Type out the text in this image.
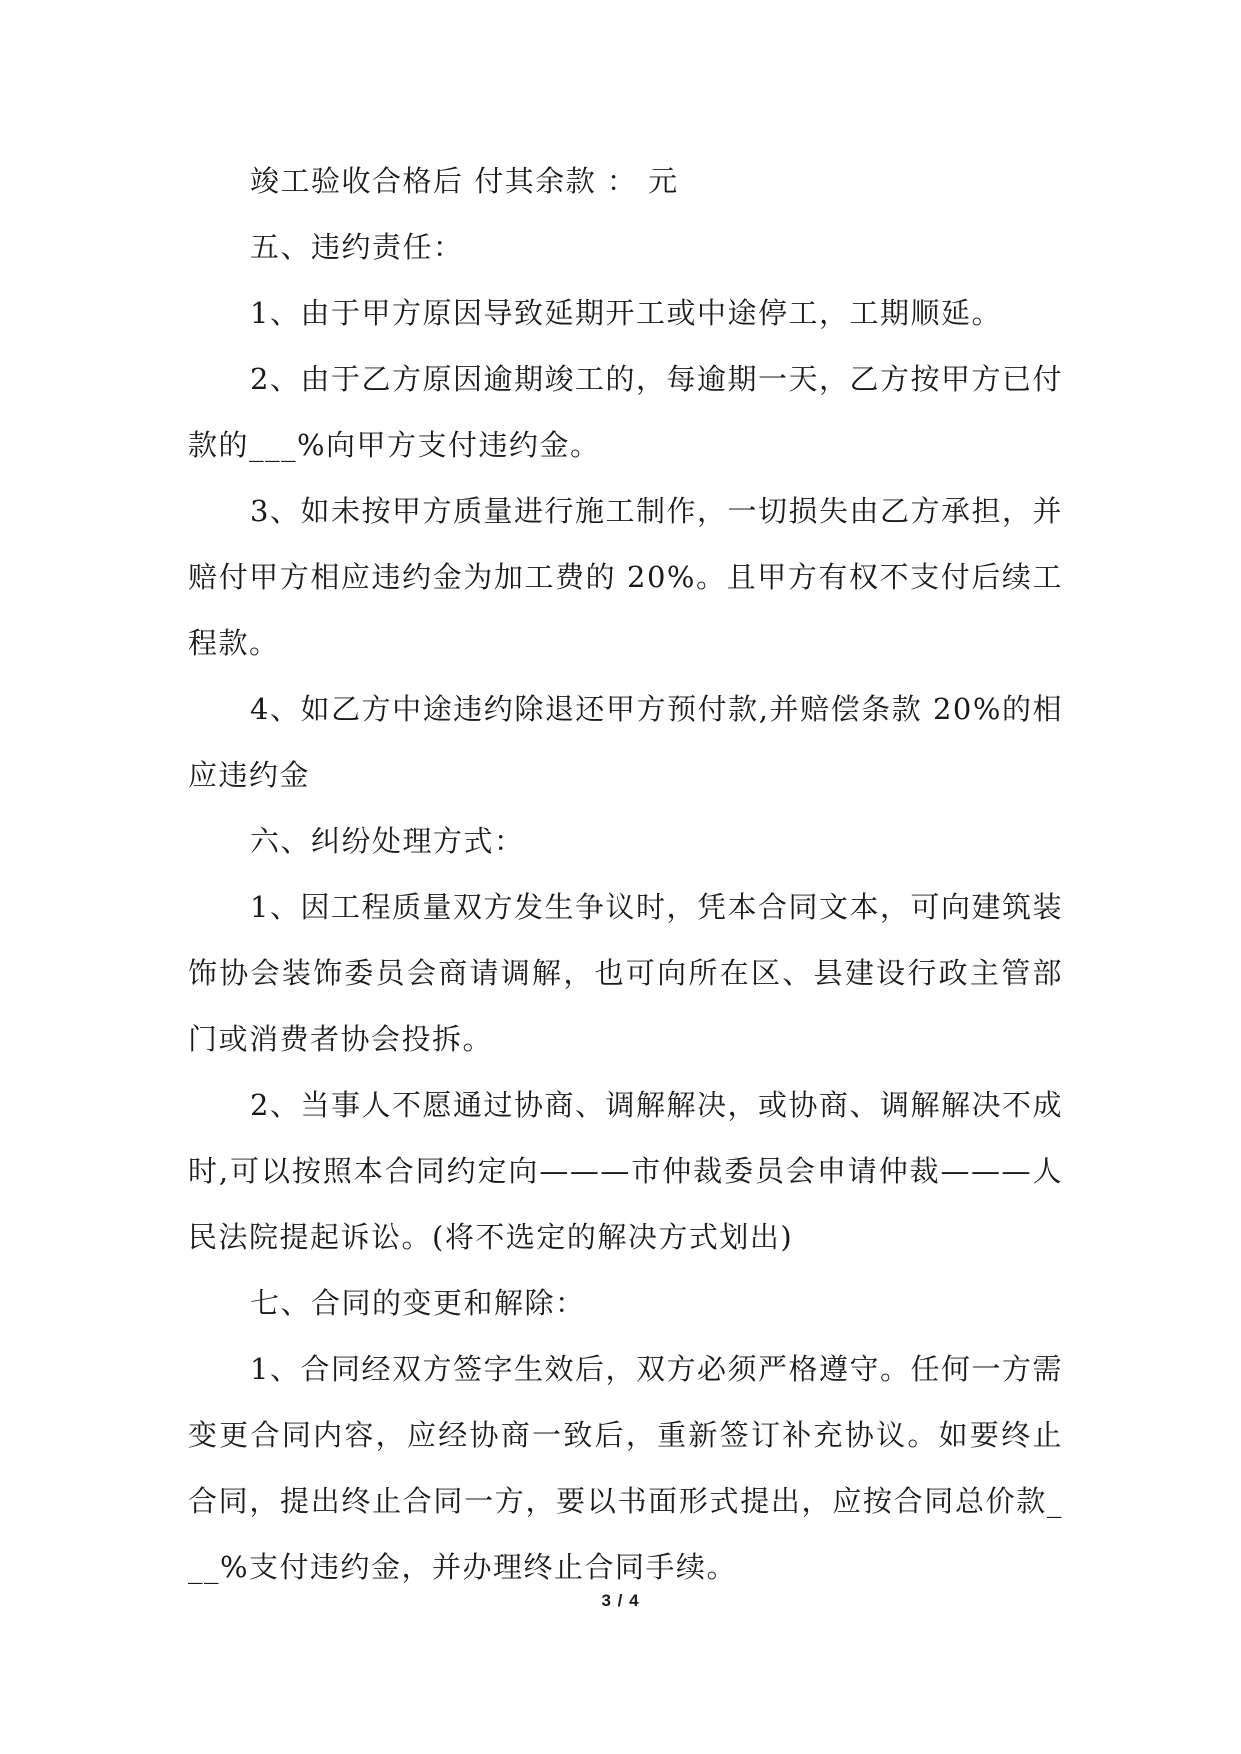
竣工验收合格后 付其余款 ： 元

五、违约责任：

1、由于甲方原因导致延期开工或中途停工，工期顺延。

2、由于乙方原因逾期竣工的，每逾期一天，乙方按甲方已付款的___%向甲方支付违约金。

3、如未按甲方质量进行施工制作，一切损失由乙方承担，并赔付甲方相应违约金为加工费的 20%。且甲方有权不支付后续工程款。

4、如乙方中途违约除退还甲方预付款,并赔偿条款 20%的相应违约金

六、纠纷处理方式：

1、因工程质量双方发生争议时，凭本合同文本，可向建筑装饰协会装饰委员会商请调解，也可向所在区、县建设行政主管部门或消费者协会投拆。

2、当事人不愿通过协商、调解解决，或协商、调解解决不成时,可以按照本合同约定向———市仲裁委员会申请仲裁———人民法院提起诉讼。(将不选定的解决方式划出)

七、合同的变更和解除：

1、合同经双方签字生效后，双方必须严格遵守。任何一方需变更合同内容，应经协商一致后，重新签订补充协议。如要终止合同，提出终止合同一方，要以书面形式提出，应按合同总价款___%支付违约金，并办理终止合同手续。

3 / 4
